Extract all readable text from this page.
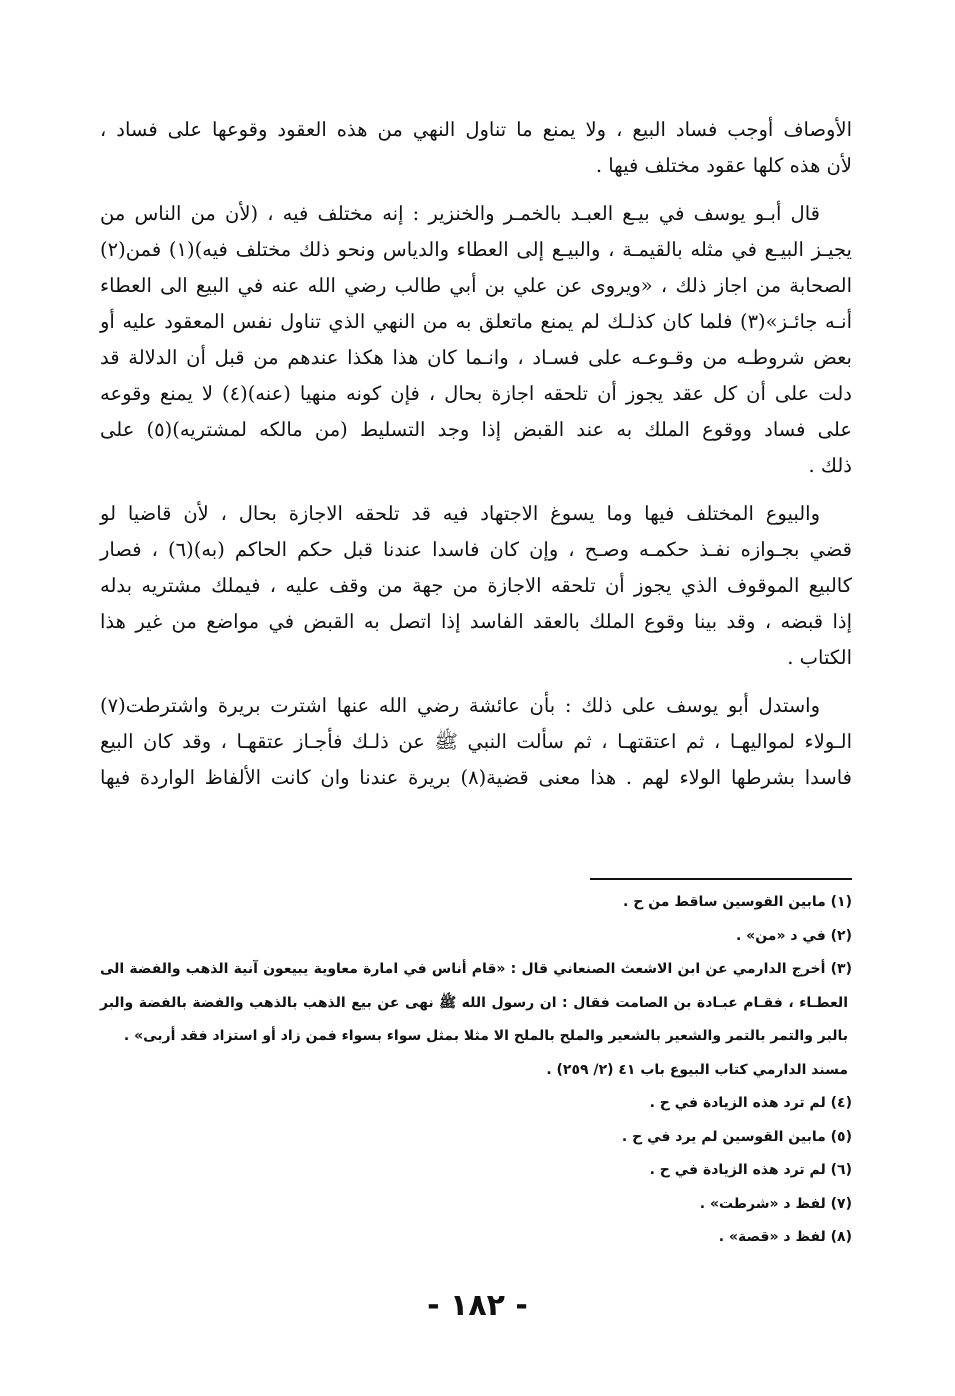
الأوصاف أوجب فساد البيع ، ولا يمنع ما تناول النهي من هذه العقود وقوعها على فساد ،
لأن هذه كلها عقود مختلف فيها .
قال أبـو يوسف في بيـع العبـد بالخمـر والخنزير : إنه مختلف فيه ، (لأن من الناس من
يجيـز البيـع في مثله بالقيمـة ، والبيـع إلى العطاء والدياس ونحو ذلك مختلف فيه)(١) فمن(٢)
الصحابة من اجاز ذلك ، «ويروى عن علي بن أبي طالب رضي الله عنه في البيع الى العطاء
أنـه جائـز»(٣) فلما كان كذلـك لم يمنع ماتعلق به من النهي الذي تناول نفس المعقود عليه أو
بعض شروطـه من وقـوعـه على فسـاد ، وانـما كان هذا هكذا عندهم من قبل أن الدلالة قد
دلت على أن كل عقد يجوز أن تلحقه اجازة بحال ، فإن كونه منهيا (عنه)(٤) لا يمنع وقوعه
على فساد ووقوع الملك به عند القبض إذا وجد التسليط (من مالكه لمشتريه)(٥) على
ذلك .
والبيوع المختلف فيها وما يسوغ الاجتهاد فيه قد تلحقه الاجازة بحال ، لأن قاضيا لو
قضي بجـوازه نفـذ حكمـه وصـح ، وإن كان فاسدا عندنا قبل حكم الحاكم (به)(٦) ، فصار
كالبيع الموقوف الذي يجوز أن تلحقه الاجازة من جهة من وقف عليه ، فيملك مشتريه بدله
إذا قبضه ، وقد بينا وقوع الملك بالعقد الفاسد إذا اتصل به القبض في مواضع من غير هذا
الكتاب .
واستدل أبو يوسف على ذلك : بأن عائشة رضي الله عنها اشترت بريرة واشترطت(٧)
الـولاء لمواليهـا ، ثم اعتقتهـا ، ثم سألت النبي ﷺ عن ذلـك فأجـاز عتقهـا ، وقد كان البيع
فاسدا بشرطها الولاء لهم . هذا معنى قضية(٨) بريرة عندنا وان كانت الألفاظ الواردة فيها
(١) مابين القوسين ساقط من ح .
(٢) في د «من» .
(٣) أخرج الدارمي عن ابن الاشعث الصنعاني قال : «قام أناس في امارة معاوية يبيعون آنية الذهب والفضة الى
العطـاء ، فقـام عبـادة بن الصامت فقال : ان رسول الله ﷺ نهى عن بيع الذهب بالذهب والفضة بالفضة والبر
بالبر والتمر بالتمر والشعير بالشعير والملح بالملح الا مثلا بمثل سواء بسواء فمن زاد أو استزاد فقد أربى» .
مسند الدارمي كتاب البيوع باب ٤١ (٢/ ٢٥٩) .
(٤) لم ترد هذه الزيادة في ح .
(٥) مابين القوسين لم يرد في ح .
(٦) لم ترد هذه الزيادة في ح .
(٧) لفظ د «شرطت» .
(٨) لفظ د «قصة» .
- ١٨٢ -
